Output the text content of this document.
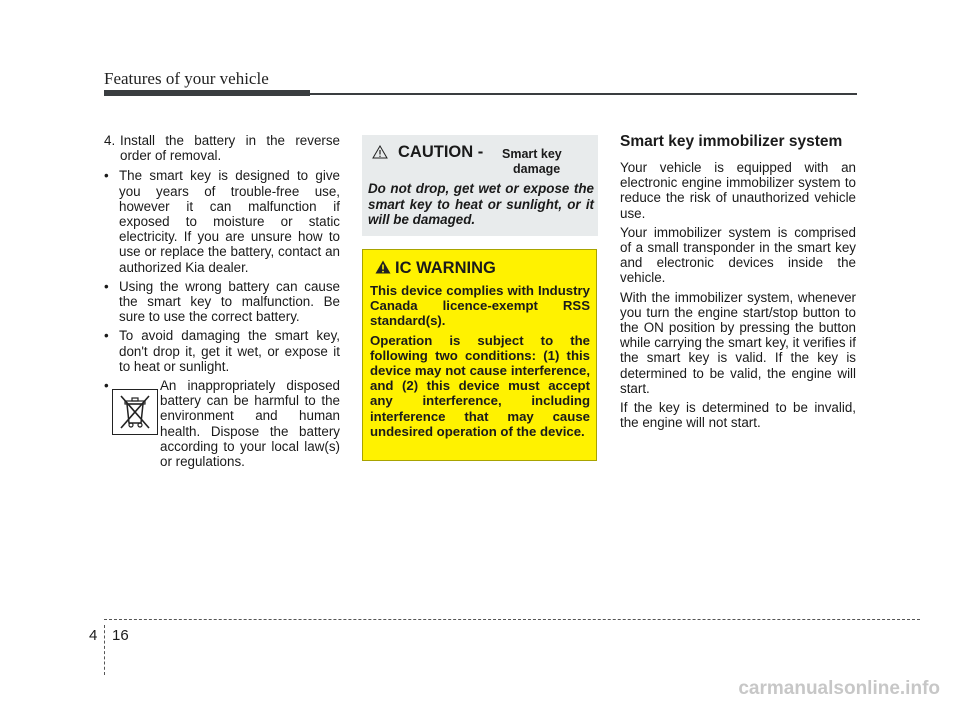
Features of your vehicle
4. Install the battery in the reverse order of removal.
• The smart key is designed to give you years of trouble-free use, however it can malfunction if exposed to moisture or static electricity. If you are unsure how to use or replace the battery, contact an authorized Kia dealer.
• Using the wrong battery can cause the smart key to malfunction. Be sure to use the correct battery.
• To avoid damaging the smart key, don't drop it, get it wet, or expose it to heat or sunlight.
•	An inappropriately disposed battery can be harmful to the environment and human health. Dispose the battery according to your local law(s) or regulations.
CAUTION - Smart key
damage
Do not drop, get wet or expose the smart key to heat or sunlight, or it will be damaged.
IC WARNING

This device complies with Industry Canada licence-exempt RSS standard(s).

Operation is subject to the following two conditions: (1) this device may not cause interference, and (2) this device must accept any interference, including interference that may cause undesired operation of the device.

Smart key immobilizer system

Your vehicle is equipped with an electronic engine immobilizer system to reduce the risk of unauthorized vehicle use.

Your immobilizer system is comprised of a small transponder in the smart key and electronic devices inside the vehicle.

With the immobilizer system, whenever you turn the engine start/stop button to the ON position by pressing the button while carrying the smart key, it verifies if the smart key is valid. If the key is determined to be valid, the engine will start.

If the key is determined to be invalid, the engine will not start.

4 16
carmanualsonline.info
